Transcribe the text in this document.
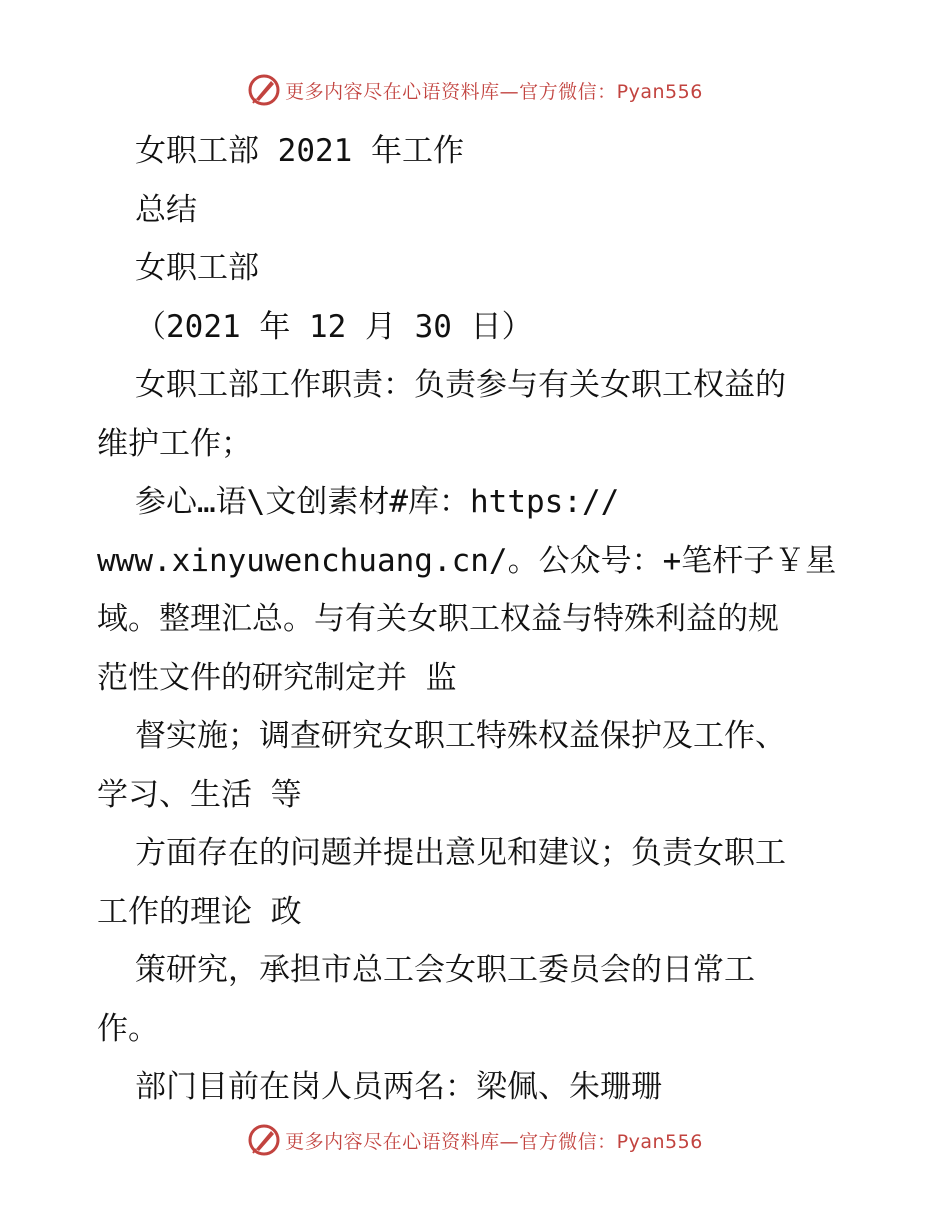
更多内容尽在心语资料库—官方微信：Pyan556

女职工部 2021 年工作

总结

女职工部

（2021 年 12 月 30 日）

女职工部工作职责：负责参与有关女职工权益的

维护工作；

参心…语\文创素材#库：https://

www.xinyuwenchuang.cn/。公众号：+笔杆子￥星

域。整理汇总。与有关女职工权益与特殊利益的规

范性文件的研究制定并 监

督实施；调查研究女职工特殊权益保护及工作、

学习、生活 等

方面存在的问题并提出意见和建议；负责女职工

工作的理论 政

策研究，承担市总工会女职工委员会的日常工

作。

部门目前在岗人员两名：梁佩、朱珊珊

更多内容尽在心语资料库—官方微信：Pyan556
